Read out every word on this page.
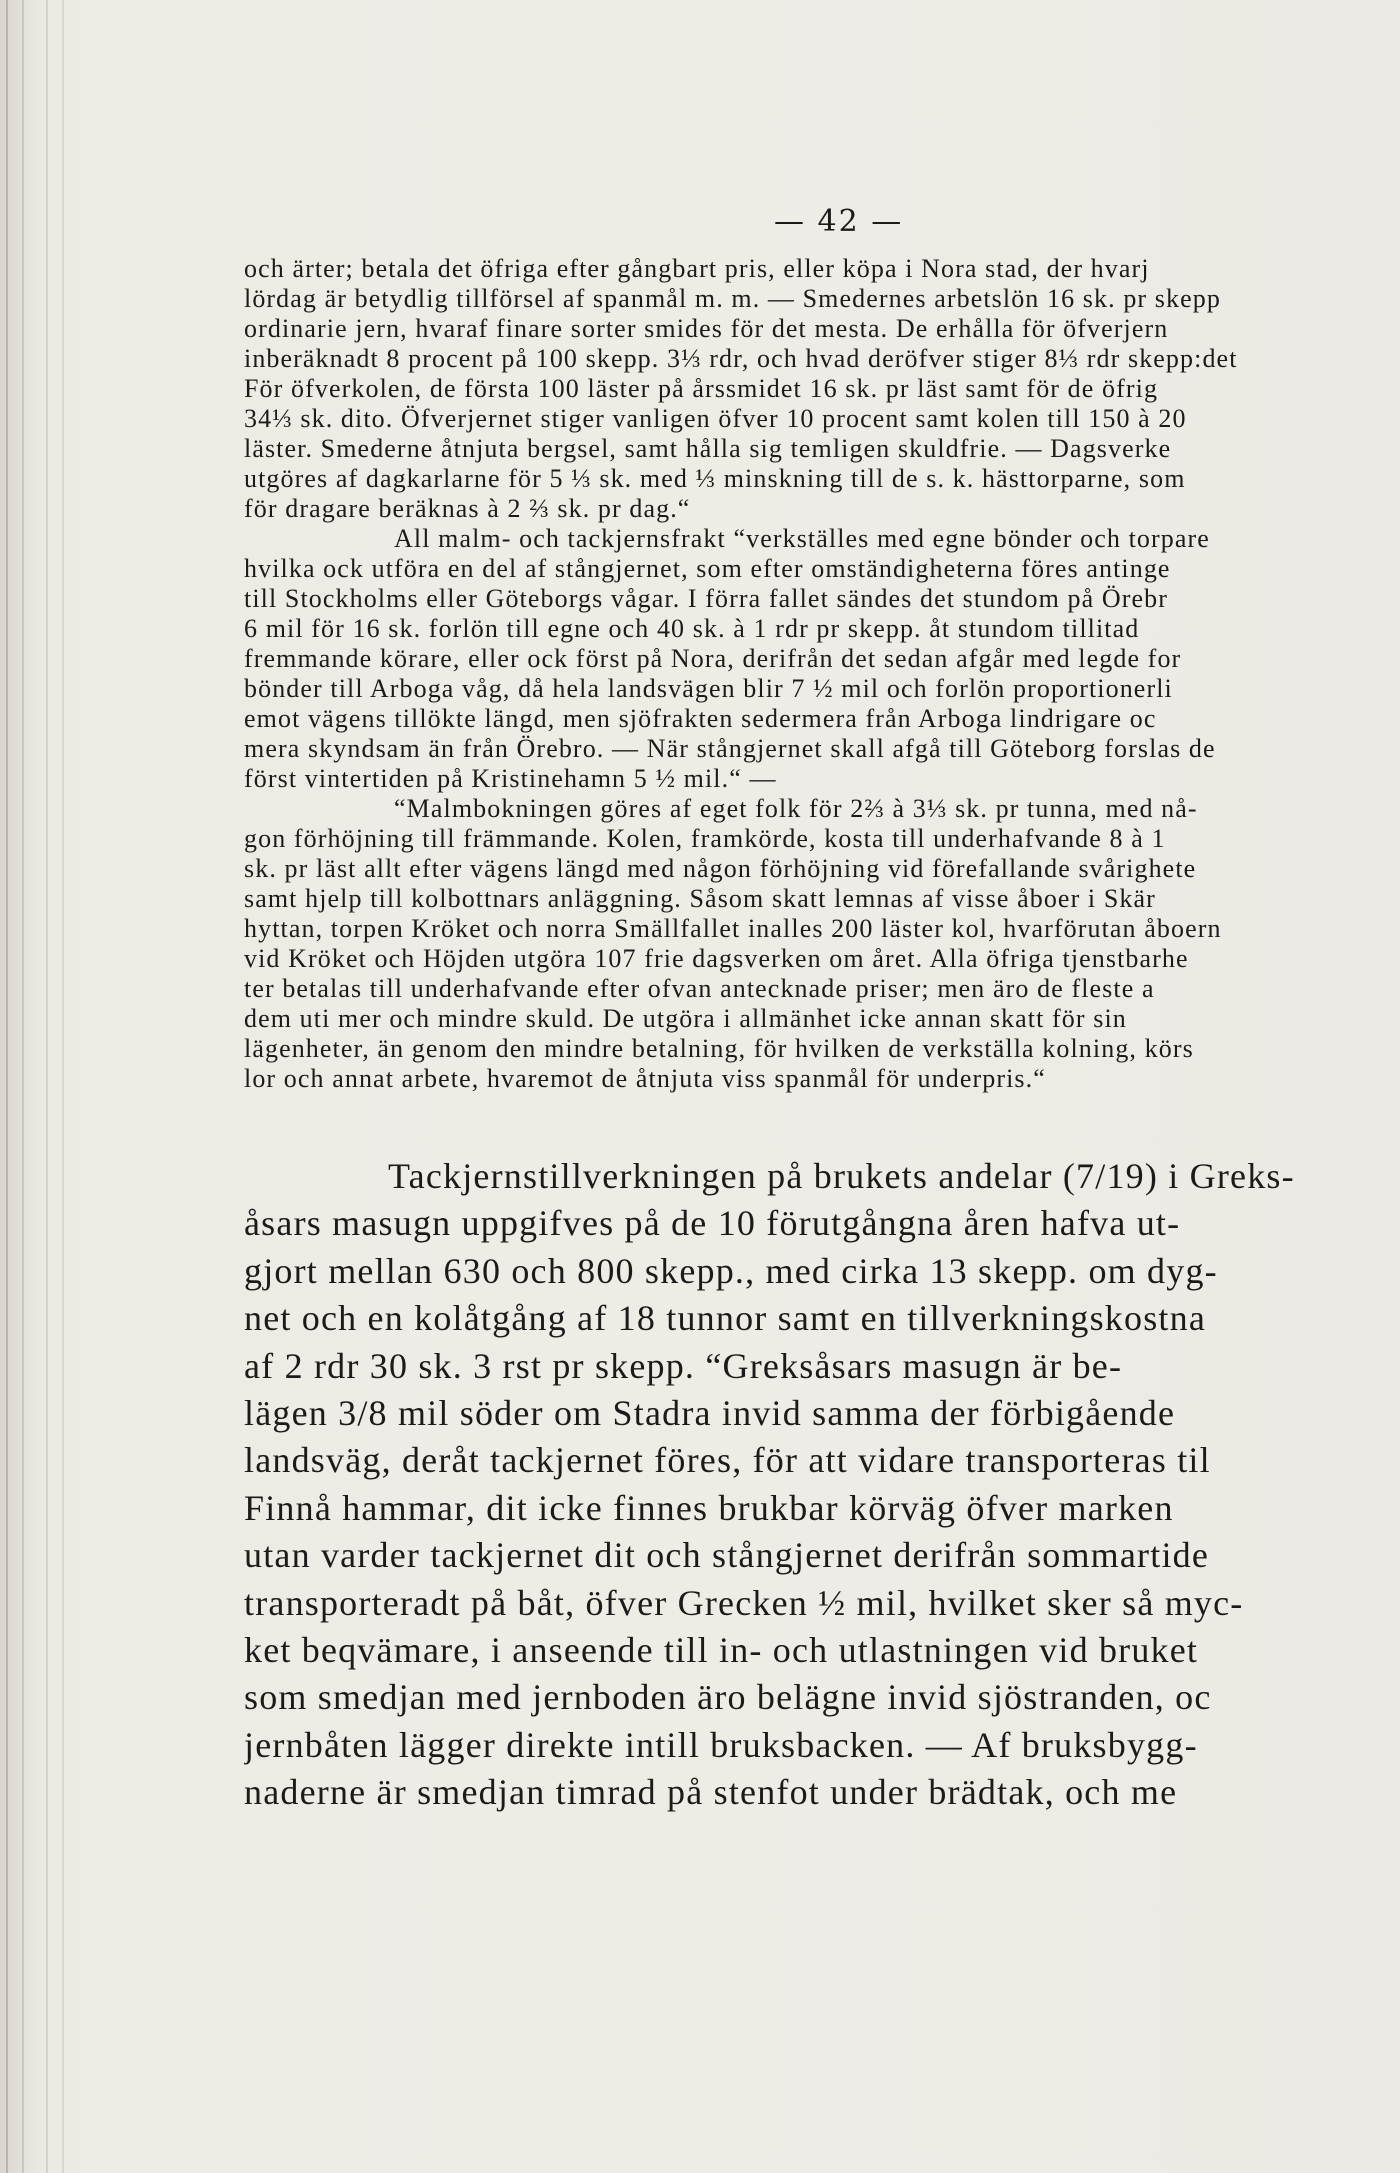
— 42 —
och ärter; betala det öfriga efter gångbart pris, eller köpa i Nora stad, der hvarj
lördag är betydlig tillförsel af spanmål m. m. — Smedernes arbetslön 16 sk. pr skepp
ordinarie jern, hvaraf finare sorter smides för det mesta. De erhålla för öfverjern
inberäknadt 8 procent på 100 skepp. 3⅓ rdr, och hvad deröfver stiger 8⅓ rdr skepp:det
För öfverkolen, de första 100 läster på årssmidet 16 sk. pr läst samt för de öfrig
34⅓ sk. dito. Öfverjernet stiger vanligen öfver 10 procent samt kolen till 150 à 20
läster. Smederne åtnjuta bergsel, samt hålla sig temligen skuldfrie. — Dagsverke
utgöres af dagkarlarne för 5 ⅓ sk. med ⅓ minskning till de s. k. hästtorparne, som
för dragare beräknas à 2 ⅔ sk. pr dag.“
All malm- och tackjernsfrakt “verkställes med egne bönder och torpare
hvilka ock utföra en del af stångjernet, som efter omständigheterna föres antinge
till Stockholms eller Göteborgs vågar. I förra fallet sändes det stundom på Örebr
6 mil för 16 sk. forlön till egne och 40 sk. à 1 rdr pr skepp. åt stundom tillitad
fremmande körare, eller ock först på Nora, derifrån det sedan afgår med legde for
bönder till Arboga våg, då hela landsvägen blir 7 ½ mil och forlön proportionerli
emot vägens tillökte längd, men sjöfrakten sedermera från Arboga lindrigare oc
mera skyndsam än från Örebro. — När stångjernet skall afgå till Göteborg forslas de
först vintertiden på Kristinehamn 5 ½ mil.“ —
“Malmbokningen göres af eget folk för 2⅔ à 3⅓ sk. pr tunna, med nå-
gon förhöjning till främmande. Kolen, framkörde, kosta till underhafvande 8 à 1
sk. pr läst allt efter vägens längd med någon förhöjning vid förefallande svårighete
samt hjelp till kolbottnars anläggning. Såsom skatt lemnas af visse åboer i Skär
hyttan, torpen Kröket och norra Smällfallet inalles 200 läster kol, hvarförutan åboern
vid Kröket och Höjden utgöra 107 frie dagsverken om året. Alla öfriga tjenstbarhe
ter betalas till underhafvande efter ofvan antecknade priser; men äro de fleste a
dem uti mer och mindre skuld. De utgöra i allmänhet icke annan skatt för sin
lägenheter, än genom den mindre betalning, för hvilken de verkställa kolning, körs
lor och annat arbete, hvaremot de åtnjuta viss spanmål för underpris.“
Tackjernstillverkningen på brukets andelar (7/19) i Greks-
åsars masugn uppgifves på de 10 förutgångna åren hafva ut-
gjort mellan 630 och 800 skepp., med cirka 13 skepp. om dyg-
net och en kolåtgång af 18 tunnor samt en tillverkningskostna
af 2 rdr 30 sk. 3 rst pr skepp. “Greksåsars masugn är be-
lägen 3/8 mil söder om Stadra invid samma der förbigående
landsväg, deråt tackjernet föres, för att vidare transporteras til
Finnå hammar, dit icke finnes brukbar körväg öfver marken
utan varder tackjernet dit och stångjernet derifrån sommartide
transporteradt på båt, öfver Grecken ½ mil, hvilket sker så myc-
ket beqvämare, i anseende till in- och utlastningen vid bruket
som smedjan med jernboden äro belägne invid sjöstranden, oc
jernbåten lägger direkte intill bruksbacken. — Af bruksbygg-
naderne är smedjan timrad på stenfot under brädtak, och me
